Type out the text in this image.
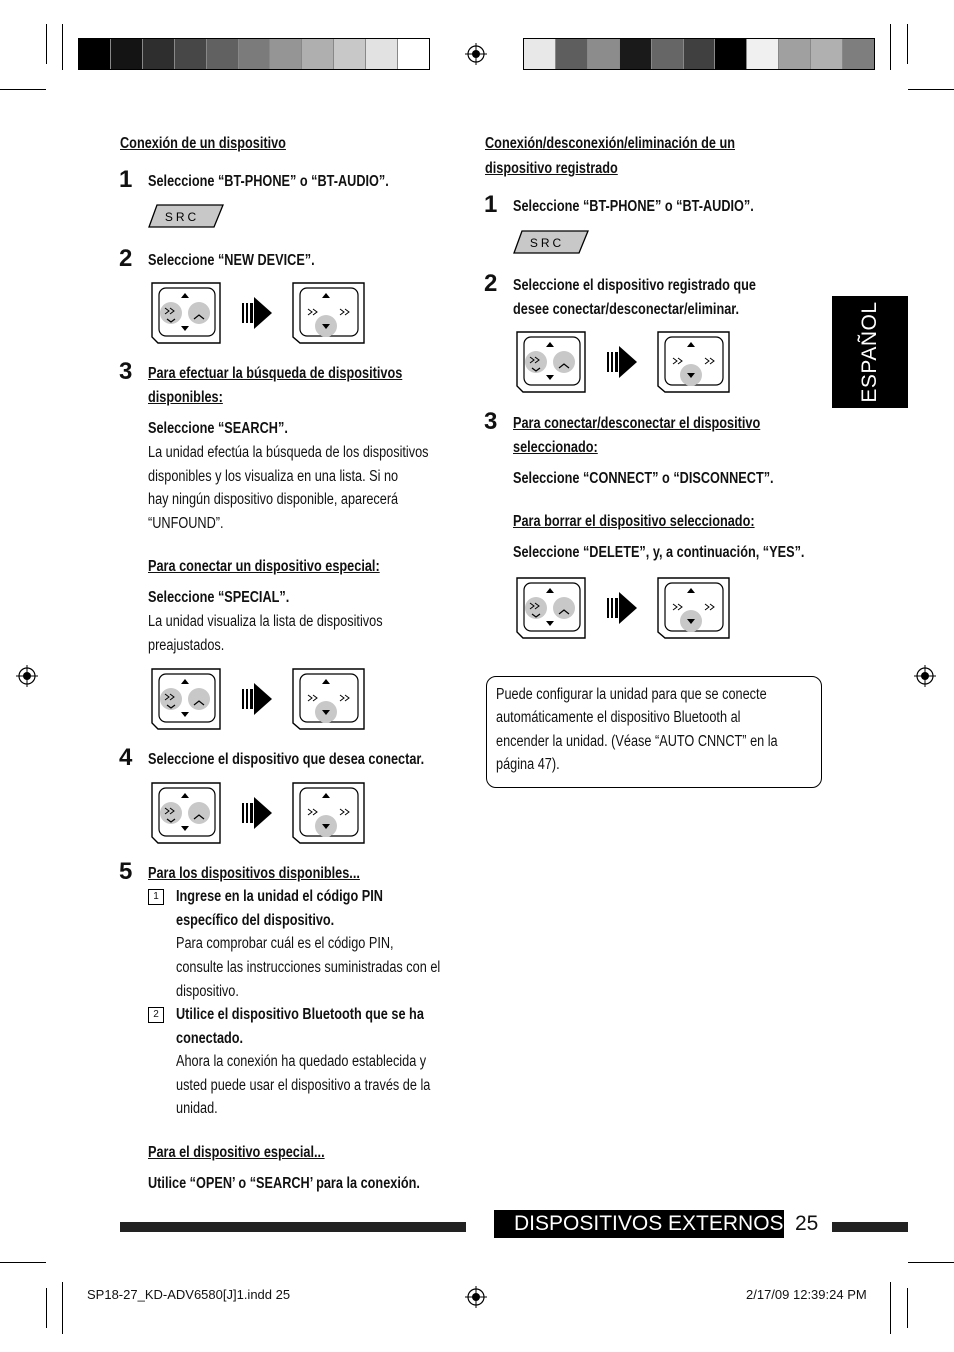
Conexión de un dispositivo
1 Seleccione “BT-PHONE” o “BT-AUDIO”.
SRC
2 Seleccione “NEW DEVICE”.
3 Para efectuar la búsqueda de dispositivos
disponibles:
Seleccione “SEARCH”.
La unidad efectúa la búsqueda de los dispositivos
disponibles y los visualiza en una lista. Si no
hay ningún dispositivo disponible, aparecerá
“UNFOUND”.
Para conectar un dispositivo especial:
Seleccione “SPECIAL”.
La unidad visualiza la lista de dispositivos
preajustados.
4 Seleccione el dispositivo que desea conectar.
5 Para los dispositivos disponibles...
1	Ingrese en la unidad el código PIN
específico del dispositivo.
Para comprobar cuál es el código PIN,
consulte las instrucciones suministradas con el
dispositivo.
2	Utilice el dispositivo Bluetooth que se ha
conectado.
Ahora la conexión ha quedado establecida y
usted puede usar el dispositivo a través de la
unidad.
Para el dispositivo especial...
Utilice “OPEN’ o “SEARCH’ para la conexión.
Conexión/desconexión/eliminación de un
dispositivo registrado
1 Seleccione “BT-PHONE” o “BT-AUDIO”.
SRC
2 Seleccione el dispositivo registrado que
desee conectar/desconectar/eliminar.
3 Para conectar/desconectar el dispositivo
seleccionado:
Seleccione “CONNECT” o “DISCONNECT”.
Para borrar el dispositivo seleccionado:
Seleccione “DELETE”, y, a continuación, “YES”.
Puede configurar la unidad para que se conecte
automáticamente el dispositivo Bluetooth al
encender la unidad. (Véase “AUTO CNNCT” en la
página 47).
ESPAÑOL
DISPOSITIVOS EXTERNOS 25
SP18-27_KD-ADV6580[J]1.indd 25	2/17/09 12:39:24 PM
